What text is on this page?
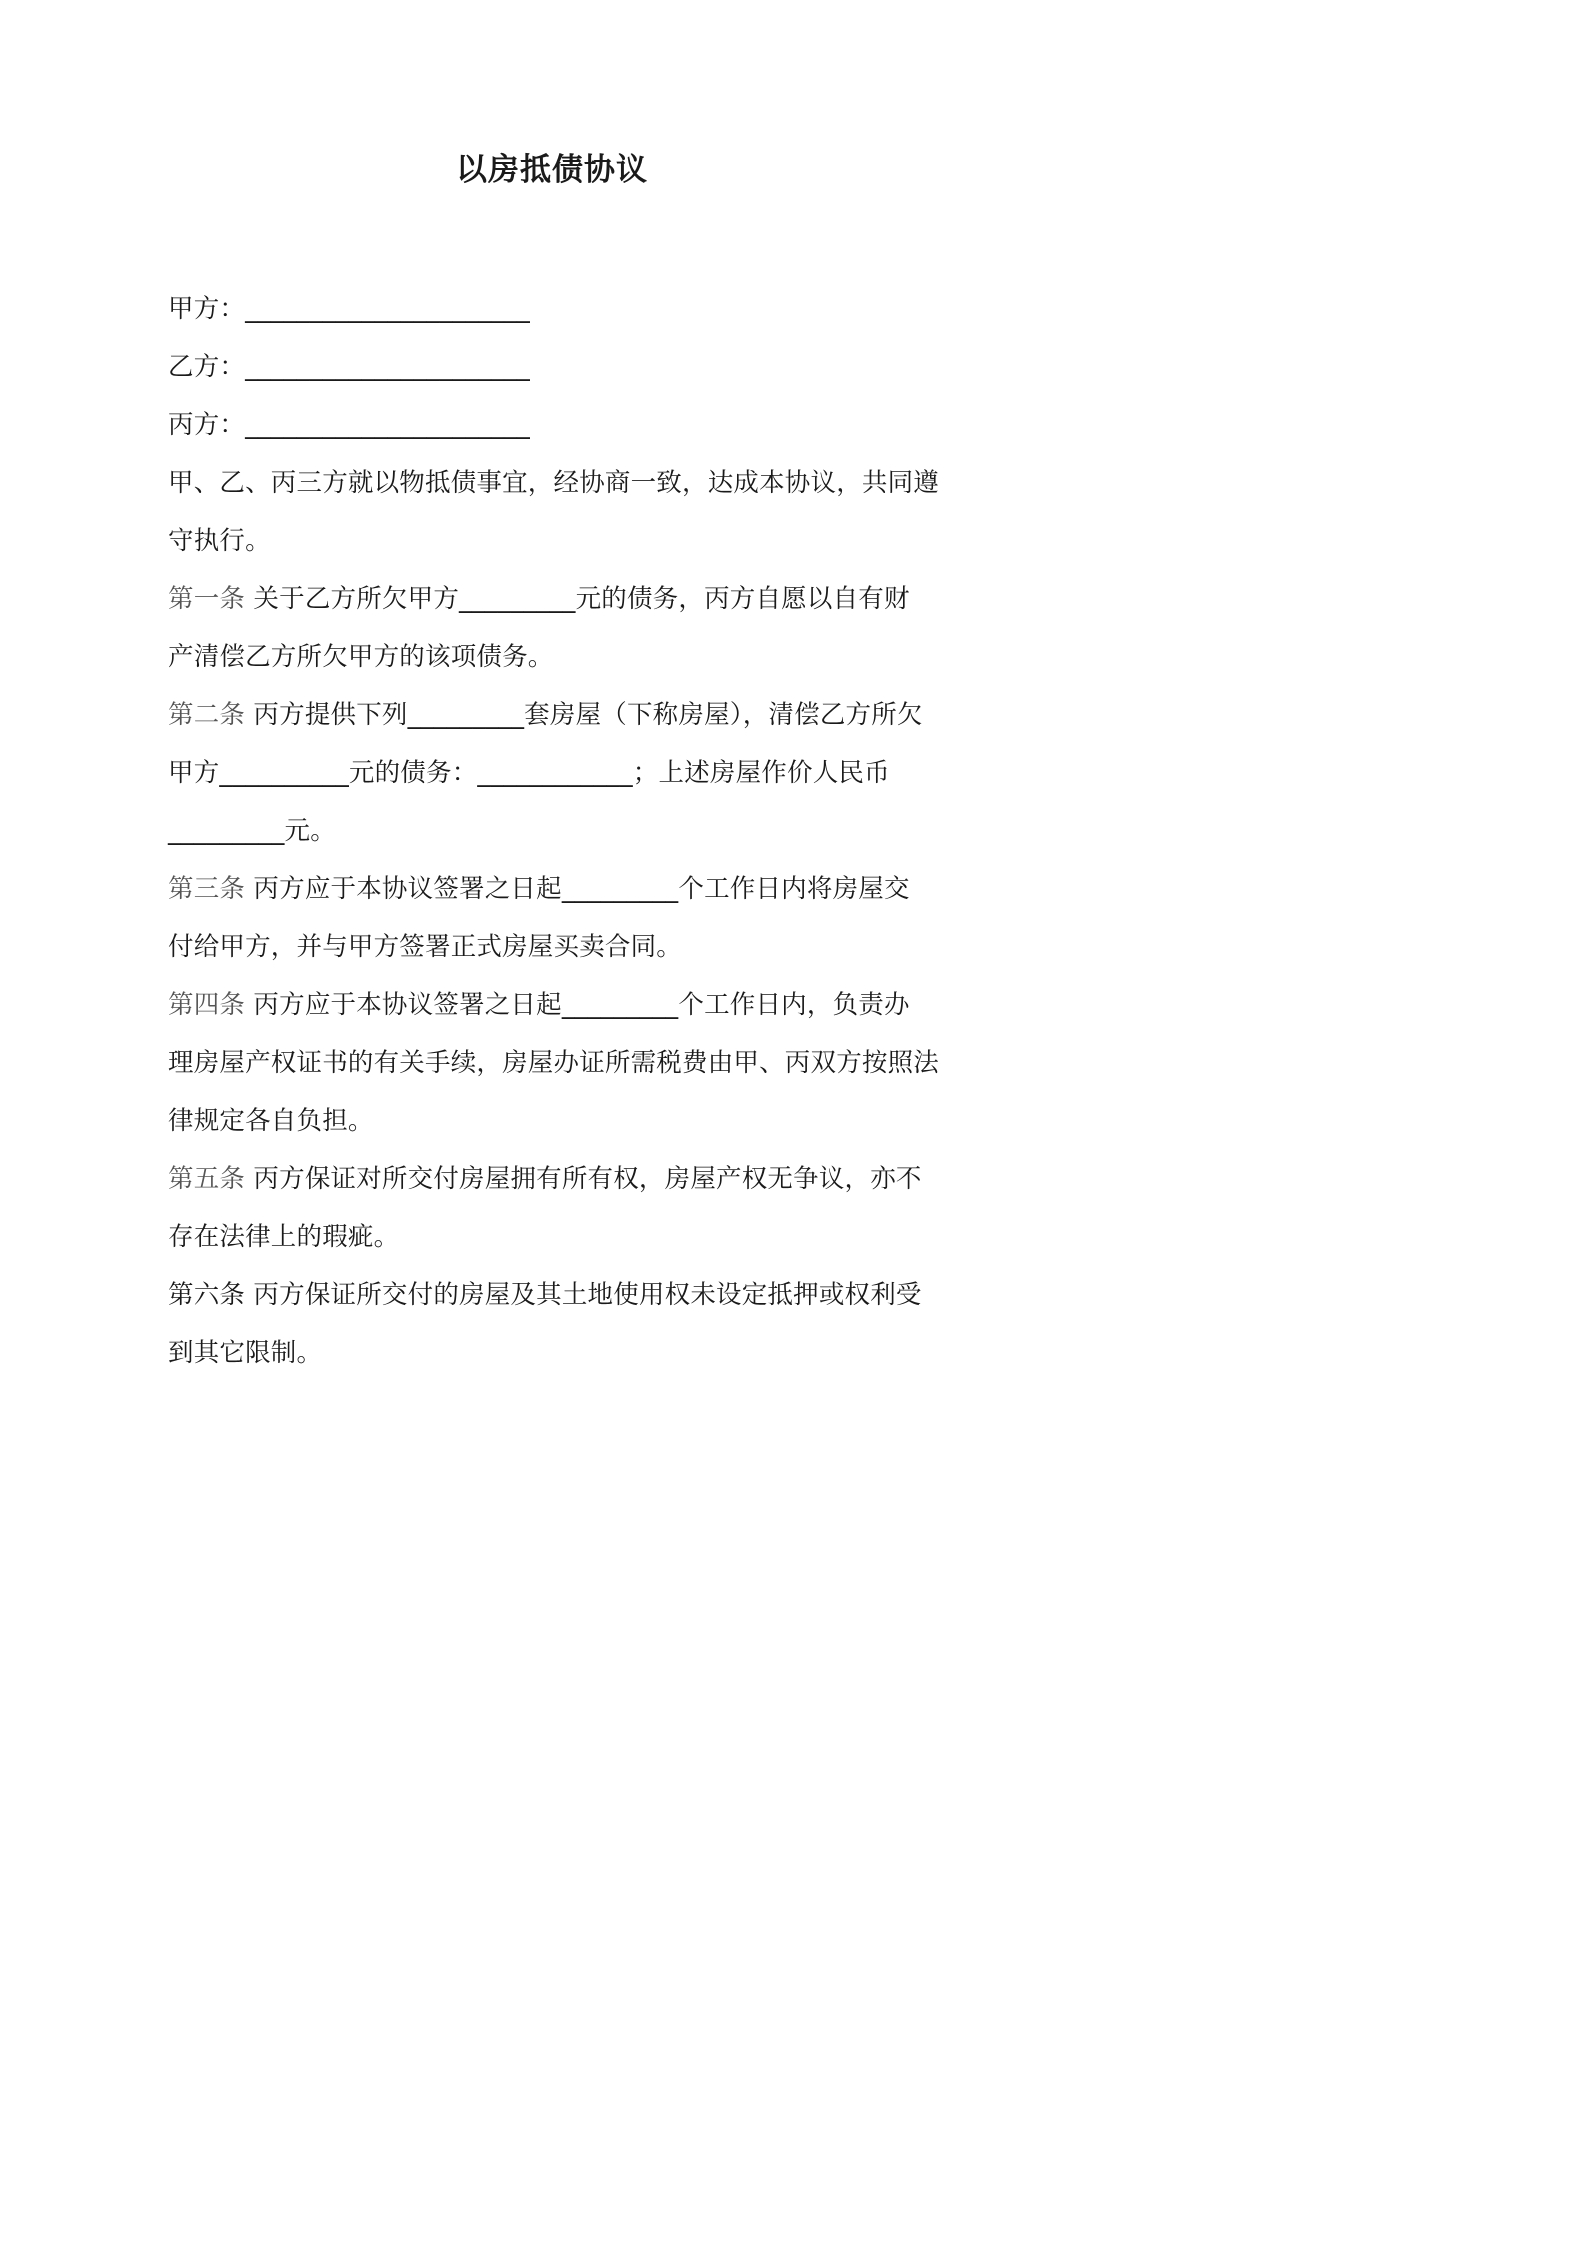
以房抵债协议
甲方：______________________
乙方：______________________
丙方：______________________
甲、乙、丙三方就以物抵债事宜，经协商一致，达成本协议，共同遵
守执行。
第一条 关于乙方所欠甲方_________元的债务，丙方自愿以自有财
产清偿乙方所欠甲方的该项债务。
第二条 丙方提供下列_________套房屋（下称房屋），清偿乙方所欠
甲方__________元的债务：____________；上述房屋作价人民币
_________元。
第三条 丙方应于本协议签署之日起_________个工作日内将房屋交
付给甲方，并与甲方签署正式房屋买卖合同。
第四条 丙方应于本协议签署之日起_________个工作日内，负责办
理房屋产权证书的有关手续，房屋办证所需税费由甲、丙双方按照法
律规定各自负担。
第五条 丙方保证对所交付房屋拥有所有权，房屋产权无争议，亦不
存在法律上的瑕疵。
第六条 丙方保证所交付的房屋及其土地使用权未设定抵押或权利受
到其它限制。
